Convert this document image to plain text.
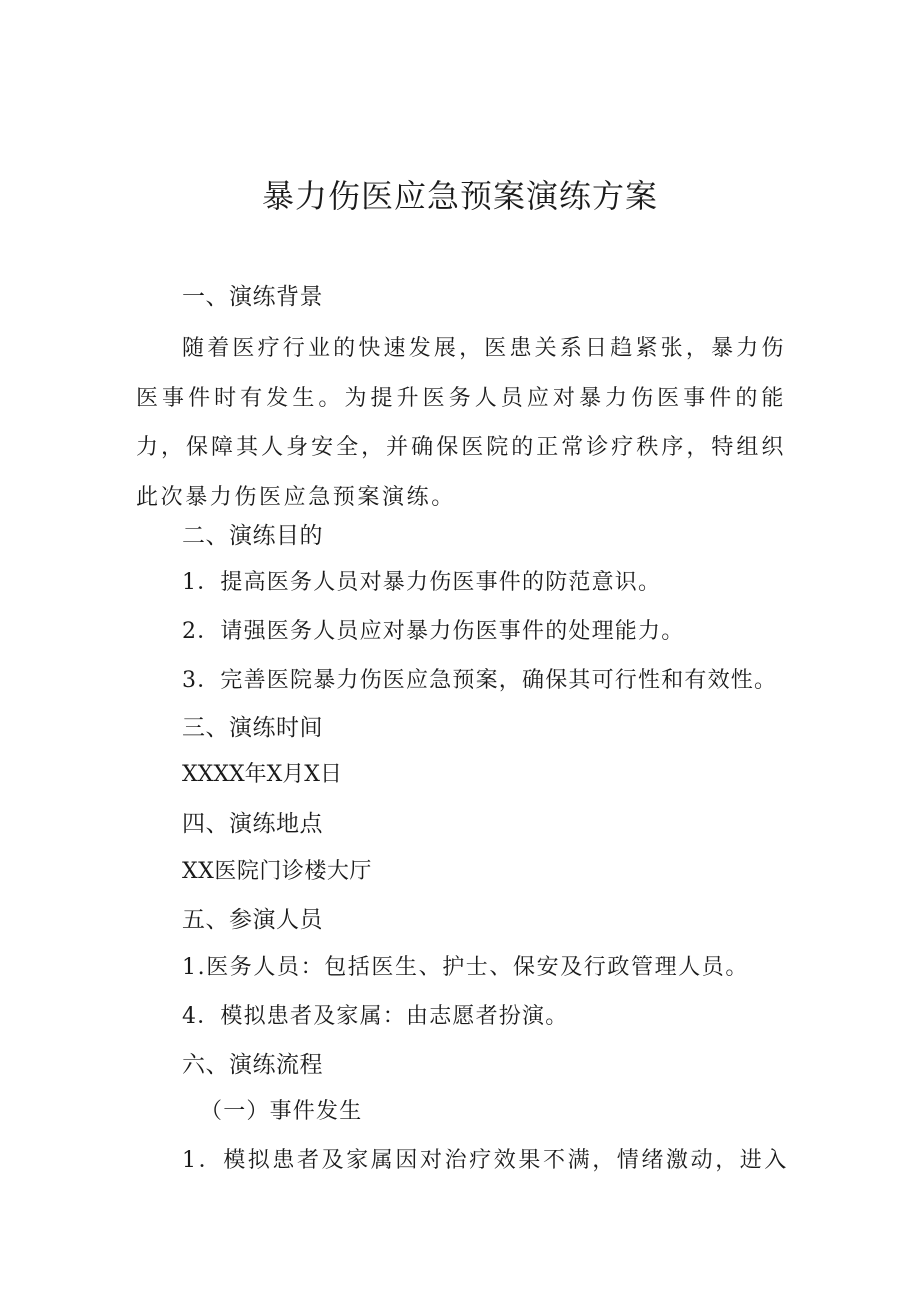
暴力伤医应急预案演练方案
一、演练背景

随着医疗行业的快速发展，医患关系日趋紧张，暴力伤医事件时有发生。为提升医务人员应对暴力伤医事件的能力，保障其人身安全，并确保医院的正常诊疗秩序，特组织此次暴力伤医应急预案演练。

二、演练目的
1．提高医务人员对暴力伤医事件的防范意识。
2．请强医务人员应对暴力伤医事件的处理能力。
3．完善医院暴力伤医应急预案，确保其可行性和有效性。
三、演练时间
XXXX年X月X日
四、演练地点
XX医院门诊楼大厅
五、参演人员
1.医务人员：包括医生、护士、保安及行政管理人员。
4．模拟患者及家属：由志愿者扮演。
六、演练流程
（一）事件发生
1．模拟患者及家属因对治疗效果不满，情绪激动，进入
